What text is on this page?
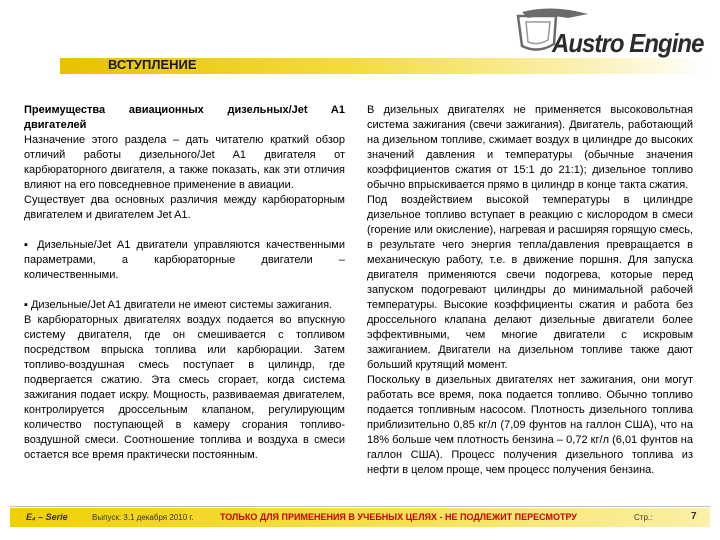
Austro Engine
ВСТУПЛЕНИЕ

Преимущества авиационных дизельных/Jet A1 двигателей

Назначение этого раздела – дать читателю краткий обзор отличий работы дизельного/Jet A1 двигателя от карбюраторного двигателя, а также показать, как эти отличия влияют на его повседневное применение в авиации.

Существует два основных различия между карбюраторным двигателем и двигателем Jet A1.

▪ Дизельные/Jet A1 двигатели управляются качественными параметрами, а карбюраторные двигатели – количественными.

▪ Дизельные/Jet A1 двигатели не имеют системы зажигания.

В карбюраторных двигателях воздух подается во впускную систему двигателя, где он смешивается с топливом посредством впрыска топлива или карбюрации. Затем топливо-воздушная смесь поступает в цилиндр, где подвергается сжатию. Эта смесь сгорает, когда система зажигания подает искру. Мощность, развиваемая двигателем, контролируется дроссельным клапаном, регулирующим количество поступающей в камеру сгорания топливо-воздушной смеси. Соотношение топлива и воздуха в смеси остается все время практически постоянным.

В дизельных двигателях не применяется высоковольтная система зажигания (свечи зажигания). Двигатель, работающий на дизельном топливе, сжимает воздух в цилиндре до высоких значений давления и температуры (обычные значения коэффициентов сжатия от 15:1 до 21:1); дизельное топливо обычно впрыскивается прямо в цилиндр в конце такта сжатия.

Под воздействием высокой температуры в цилиндре дизельное топливо вступает в реакцию с кислородом в смеси (горение или окисление), нагревая и расширяя горящую смесь, в результате чего энергия тепла/давления превращается в механическую работу, т.е. в движение поршня. Для запуска двигателя применяются свечи подогрева, которые перед запуском подогревают цилиндры до минимальной рабочей температуры. Высокие коэффициенты сжатия и работа без дроссельного клапана делают дизельные двигатели более эффективными, чем многие двигатели с искровым зажиганием. Двигатели на дизельном топливе также дают больший крутящий момент.

Поскольку в дизельных двигателях нет зажигания, они могут работать все время, пока подается топливо. Обычно топливо подается топливным насосом. Плотность дизельного топлива приблизительно 0,85 кг/л (7,09 фунтов на галлон США), что на 18% больше чем плотность бензина – 0,72 кг/л (6,01 фунтов на галлон США). Процесс получения дизельного топлива из нефти в целом проще, чем процесс получения бензина.

E₄ – Serie	Выпуск: 3.1 декабря 2010 г.	ТОЛЬКО ДЛЯ ПРИМЕНЕНИЯ В УЧЕБНЫХ ЦЕЛЯХ - НЕ ПОДЛЕЖИТ ПЕРЕСМОТРУ	Стр.:	7
